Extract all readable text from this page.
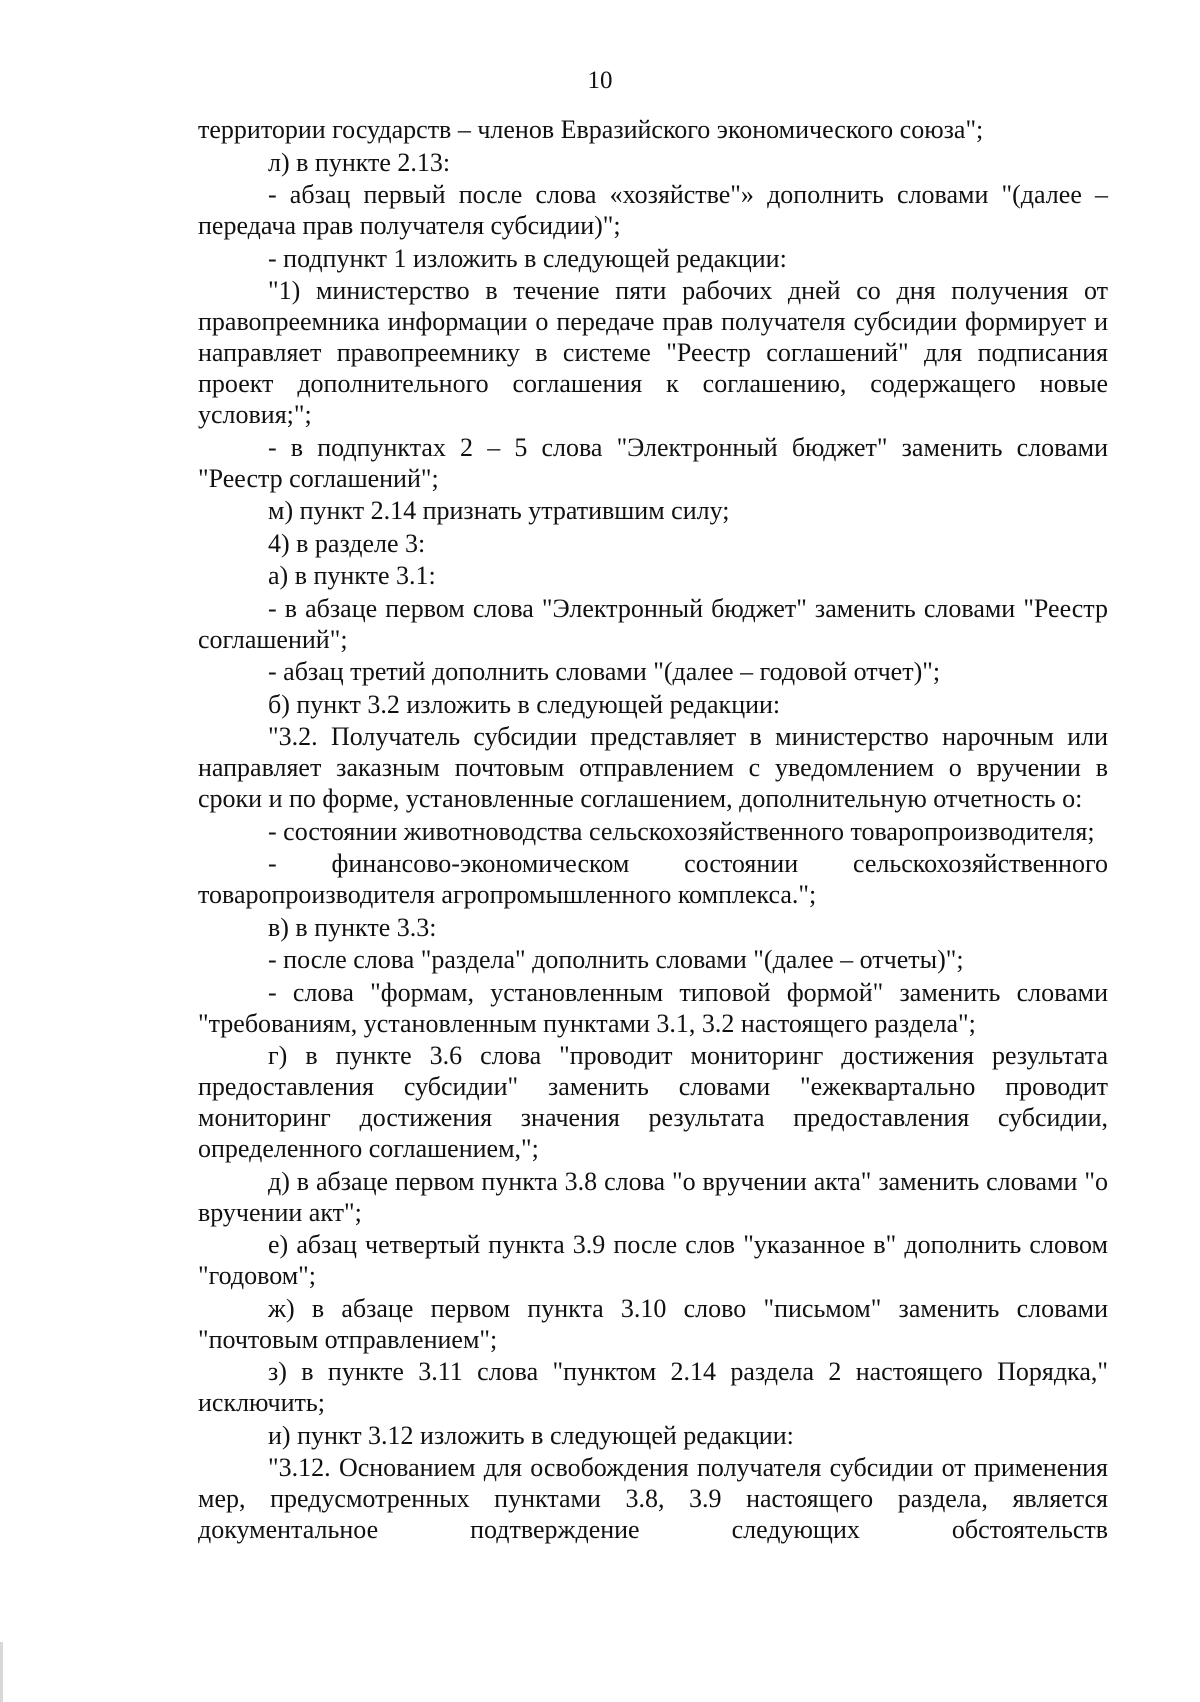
10

территории государств – членов Евразийского экономического союза";

л) в пункте 2.13:

- абзац первый после слова «хозяйстве"» дополнить словами "(далее – передача прав получателя субсидии)";

- подпункт 1 изложить в следующей редакции:

"1) министерство в течение пяти рабочих дней со дня получения от правопреемника информации о передаче прав получателя субсидии формирует и направляет правопреемнику в системе "Реестр соглашений" для подписания проект дополнительного соглашения к соглашению, содержащего новые условия;";

- в подпунктах 2 – 5 слова "Электронный бюджет" заменить словами "Реестр соглашений";

м) пункт 2.14 признать утратившим силу;

4) в разделе 3:

а) в пункте 3.1:

- в абзаце первом слова "Электронный бюджет" заменить словами "Реестр соглашений";

- абзац третий дополнить словами "(далее – годовой отчет)";

б) пункт 3.2 изложить в следующей редакции:

"3.2. Получатель субсидии представляет в министерство нарочным или направляет заказным почтовым отправлением с уведомлением о вручении в сроки и по форме, установленные соглашением, дополнительную отчетность о:

- состоянии животноводства сельскохозяйственного товаропроизводителя;

- финансово-экономическом состоянии сельскохозяйственного товаропроизводителя агропромышленного комплекса.";

в) в пункте 3.3:

- после слова "раздела" дополнить словами "(далее – отчеты)";

- слова "формам, установленным типовой формой" заменить словами "требованиям, установленным пунктами 3.1, 3.2 настоящего раздела";

г) в пункте 3.6 слова "проводит мониторинг достижения результата предоставления субсидии" заменить словами "ежеквартально проводит мониторинг достижения значения результата предоставления субсидии, определенного соглашением,";

д) в абзаце первом пункта 3.8 слова "о вручении акта" заменить словами "о вручении акт";

е) абзац четвертый пункта 3.9 после слов "указанное в" дополнить словом "годовом";

ж) в абзаце первом пункта 3.10 слово "письмом" заменить словами "почтовым отправлением";

з) в пункте 3.11 слова "пунктом 2.14 раздела 2 настоящего Порядка," исключить;

и) пункт 3.12 изложить в следующей редакции:

"3.12. Основанием для освобождения получателя субсидии от применения мер, предусмотренных пунктами 3.8, 3.9 настоящего раздела, является документальное подтверждение следующих обстоятельств
